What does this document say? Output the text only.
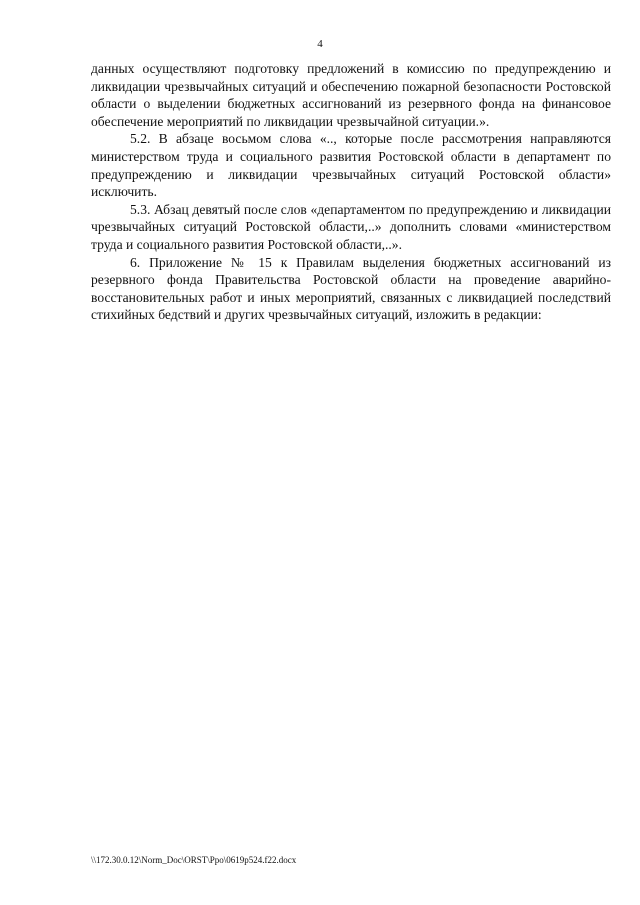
4

данных осуществляют подготовку предложений в комиссию по предупреждению и ликвидации чрезвычайных ситуаций и обеспечению пожарной безопасности Ростовской области о выделении бюджетных ассигнований из резервного фонда на финансовое обеспечение мероприятий по ликвидации чрезвычайной ситуации.».

5.2. В абзаце восьмом слова «.., которые после рассмотрения направляются министерством труда и социального развития Ростовской области в департамент по предупреждению и ликвидации чрезвычайных ситуаций Ростовской области» исключить.

5.3. Абзац девятый после слов «департаментом по предупреждению и ликвидации чрезвычайных ситуаций Ростовской области,..» дополнить словами «министерством труда и социального развития Ростовской области,..».

6. Приложение № 15 к Правилам выделения бюджетных ассигнований из резервного фонда Правительства Ростовской области на проведение аварийно-восстановительных работ и иных мероприятий, связанных с ликвидацией последствий стихийных бедствий и других чрезвычайных ситуаций, изложить в редакции:

\\172.30.0.12\Norm_Doc\ORST\Ppo\0619p524.f22.docx
